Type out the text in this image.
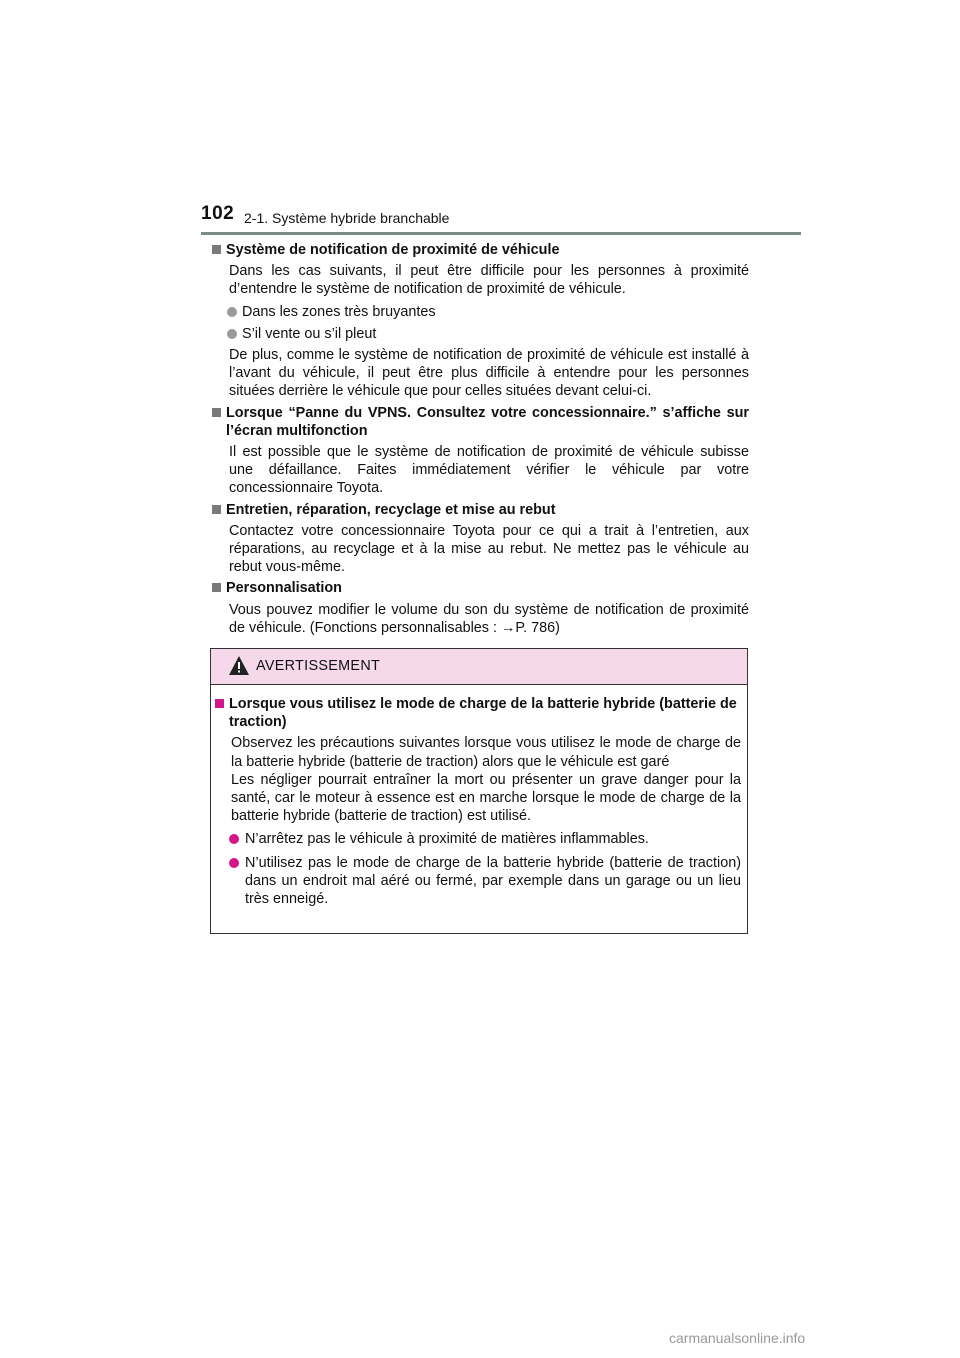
102 2-1. Système hybride branchable
Système de notification de proximité de véhicule
Dans les cas suivants, il peut être difficile pour les personnes à proximité d’entendre le système de notification de proximité de véhicule.
Dans les zones très bruyantes
S’il vente ou s’il pleut
De plus, comme le système de notification de proximité de véhicule est installé à l’avant du véhicule, il peut être plus difficile à entendre pour les personnes situées derrière le véhicule que pour celles situées devant celui-ci.
Lorsque “Panne du VPNS. Consultez votre concessionnaire.” s’affiche sur l’écran multifonction
Il est possible que le système de notification de proximité de véhicule subisse une défaillance. Faites immédiatement vérifier le véhicule par votre concessionnaire Toyota.
Entretien, réparation, recyclage et mise au rebut
Contactez votre concessionnaire Toyota pour ce qui a trait à l’entretien, aux réparations, au recyclage et à la mise au rebut. Ne mettez pas le véhicule au rebut vous-même.
Personnalisation
Vous pouvez modifier le volume du son du système de notification de proximité de véhicule. (Fonctions personnalisables : →P. 786)
AVERTISSEMENT
Lorsque vous utilisez le mode de charge de la batterie hybride (batterie de traction)
Observez les précautions suivantes lorsque vous utilisez le mode de charge de la batterie hybride (batterie de traction) alors que le véhicule est garé
Les négliger pourrait entraîner la mort ou présenter un grave danger pour la santé, car le moteur à essence est en marche lorsque le mode de charge de la batterie hybride (batterie de traction) est utilisé.
N’arrêtez pas le véhicule à proximité de matières inflammables.
N’utilisez pas le mode de charge de la batterie hybride (batterie de traction) dans un endroit mal aéré ou fermé, par exemple dans un garage ou un lieu très enneigé.
carmanualsonline.info
